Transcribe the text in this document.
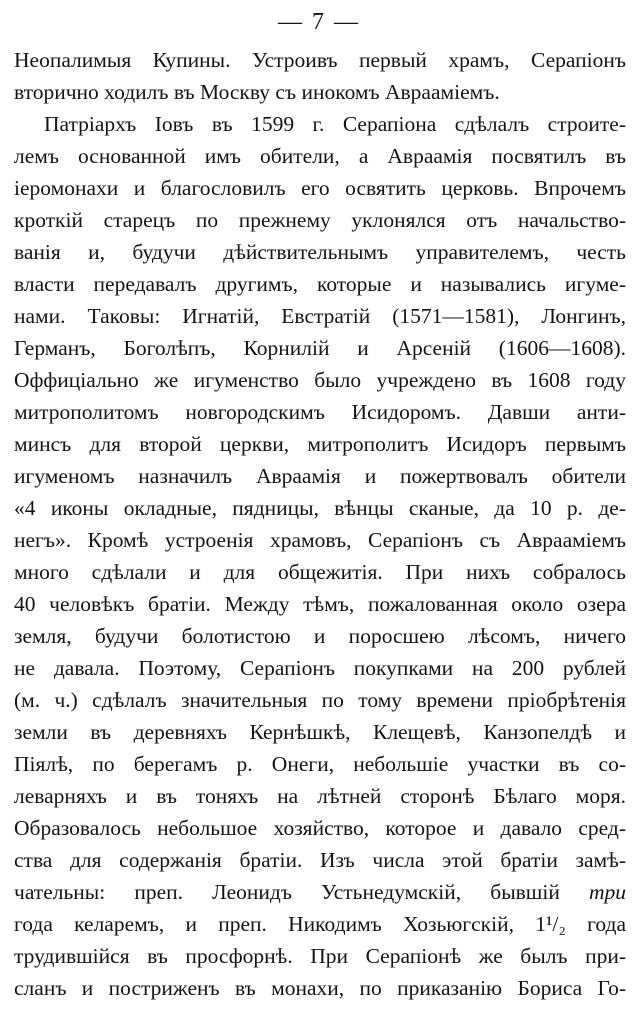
— 7 —
Неопалимыя Купины. Устроивъ первый храмъ, Серапіонъ
вторично ходилъ въ Москву съ инокомъ Авраамiемъ.
Патріархъ Іовъ въ 1599 г. Серапіона сдѣлалъ строите-
лемъ основанной имъ обители, а Авраамія посвятилъ въ
іеромонахи и благословилъ его освятить церковь. Впрочемъ
кроткій старецъ по прежнему уклонялся отъ начальство-
ванія и, будучи дѣйствительнымъ управителемъ, честь
власти передавалъ другимъ, которые и назывались игуме-
нами. Таковы: Игнатій, Евстратій (1571—1581), Лонгинъ,
Германъ, Боголѣпъ, Корнилій и Арсеній (1606—1608).
Оффиціально же игуменство было учреждено въ 1608 году
митрополитомъ новгородскимъ Исидоромъ. Давши анти-
минсъ для второй церкви, митрополитъ Исидоръ первымъ
игуменомъ назначилъ Авраамія и пожертвовалъ обители
«4 иконы окладные, пядницы, вѣнцы сканые, да 10 р. де-
негъ». Кромѣ устроенія храмовъ, Серапіонъ съ Авраамiемъ
много сдѣлали и для общежитія. При нихъ собралось
40 человѣкъ братіи. Между тѣмъ, пожалованная около озера
земля, будучи болотистою и поросшею лѣсомъ, ничего
не давала. Поэтому, Серапіонъ покупками на 200 рублей
(м. ч.) сдѣлалъ значительныя по тому времени пріобрѣтенія
земли въ деревняхъ Кернѣшкѣ, Клещевѣ, Канзопелдѣ и
Піялѣ, по берегамъ р. Онеги, небольшіе участки въ со-
леварняхъ и въ тоняхъ на лѣтней сторонѣ Бѣлаго моря.
Образовалось небольшое хозяйство, которое и давало сред-
ства для содержанія братіи. Изъ числа этой братіи замѣ-
чательны: преп. Леонидъ Устьнедумскій, бывшій три
года келаремъ, и преп. Никодимъ Хозьюгскій, 1¹/₂ года
трудившійся въ просфорнѣ. При Серапіонѣ же былъ при-
сланъ и постриженъ въ монахи, по приказанію Бориса Го-
